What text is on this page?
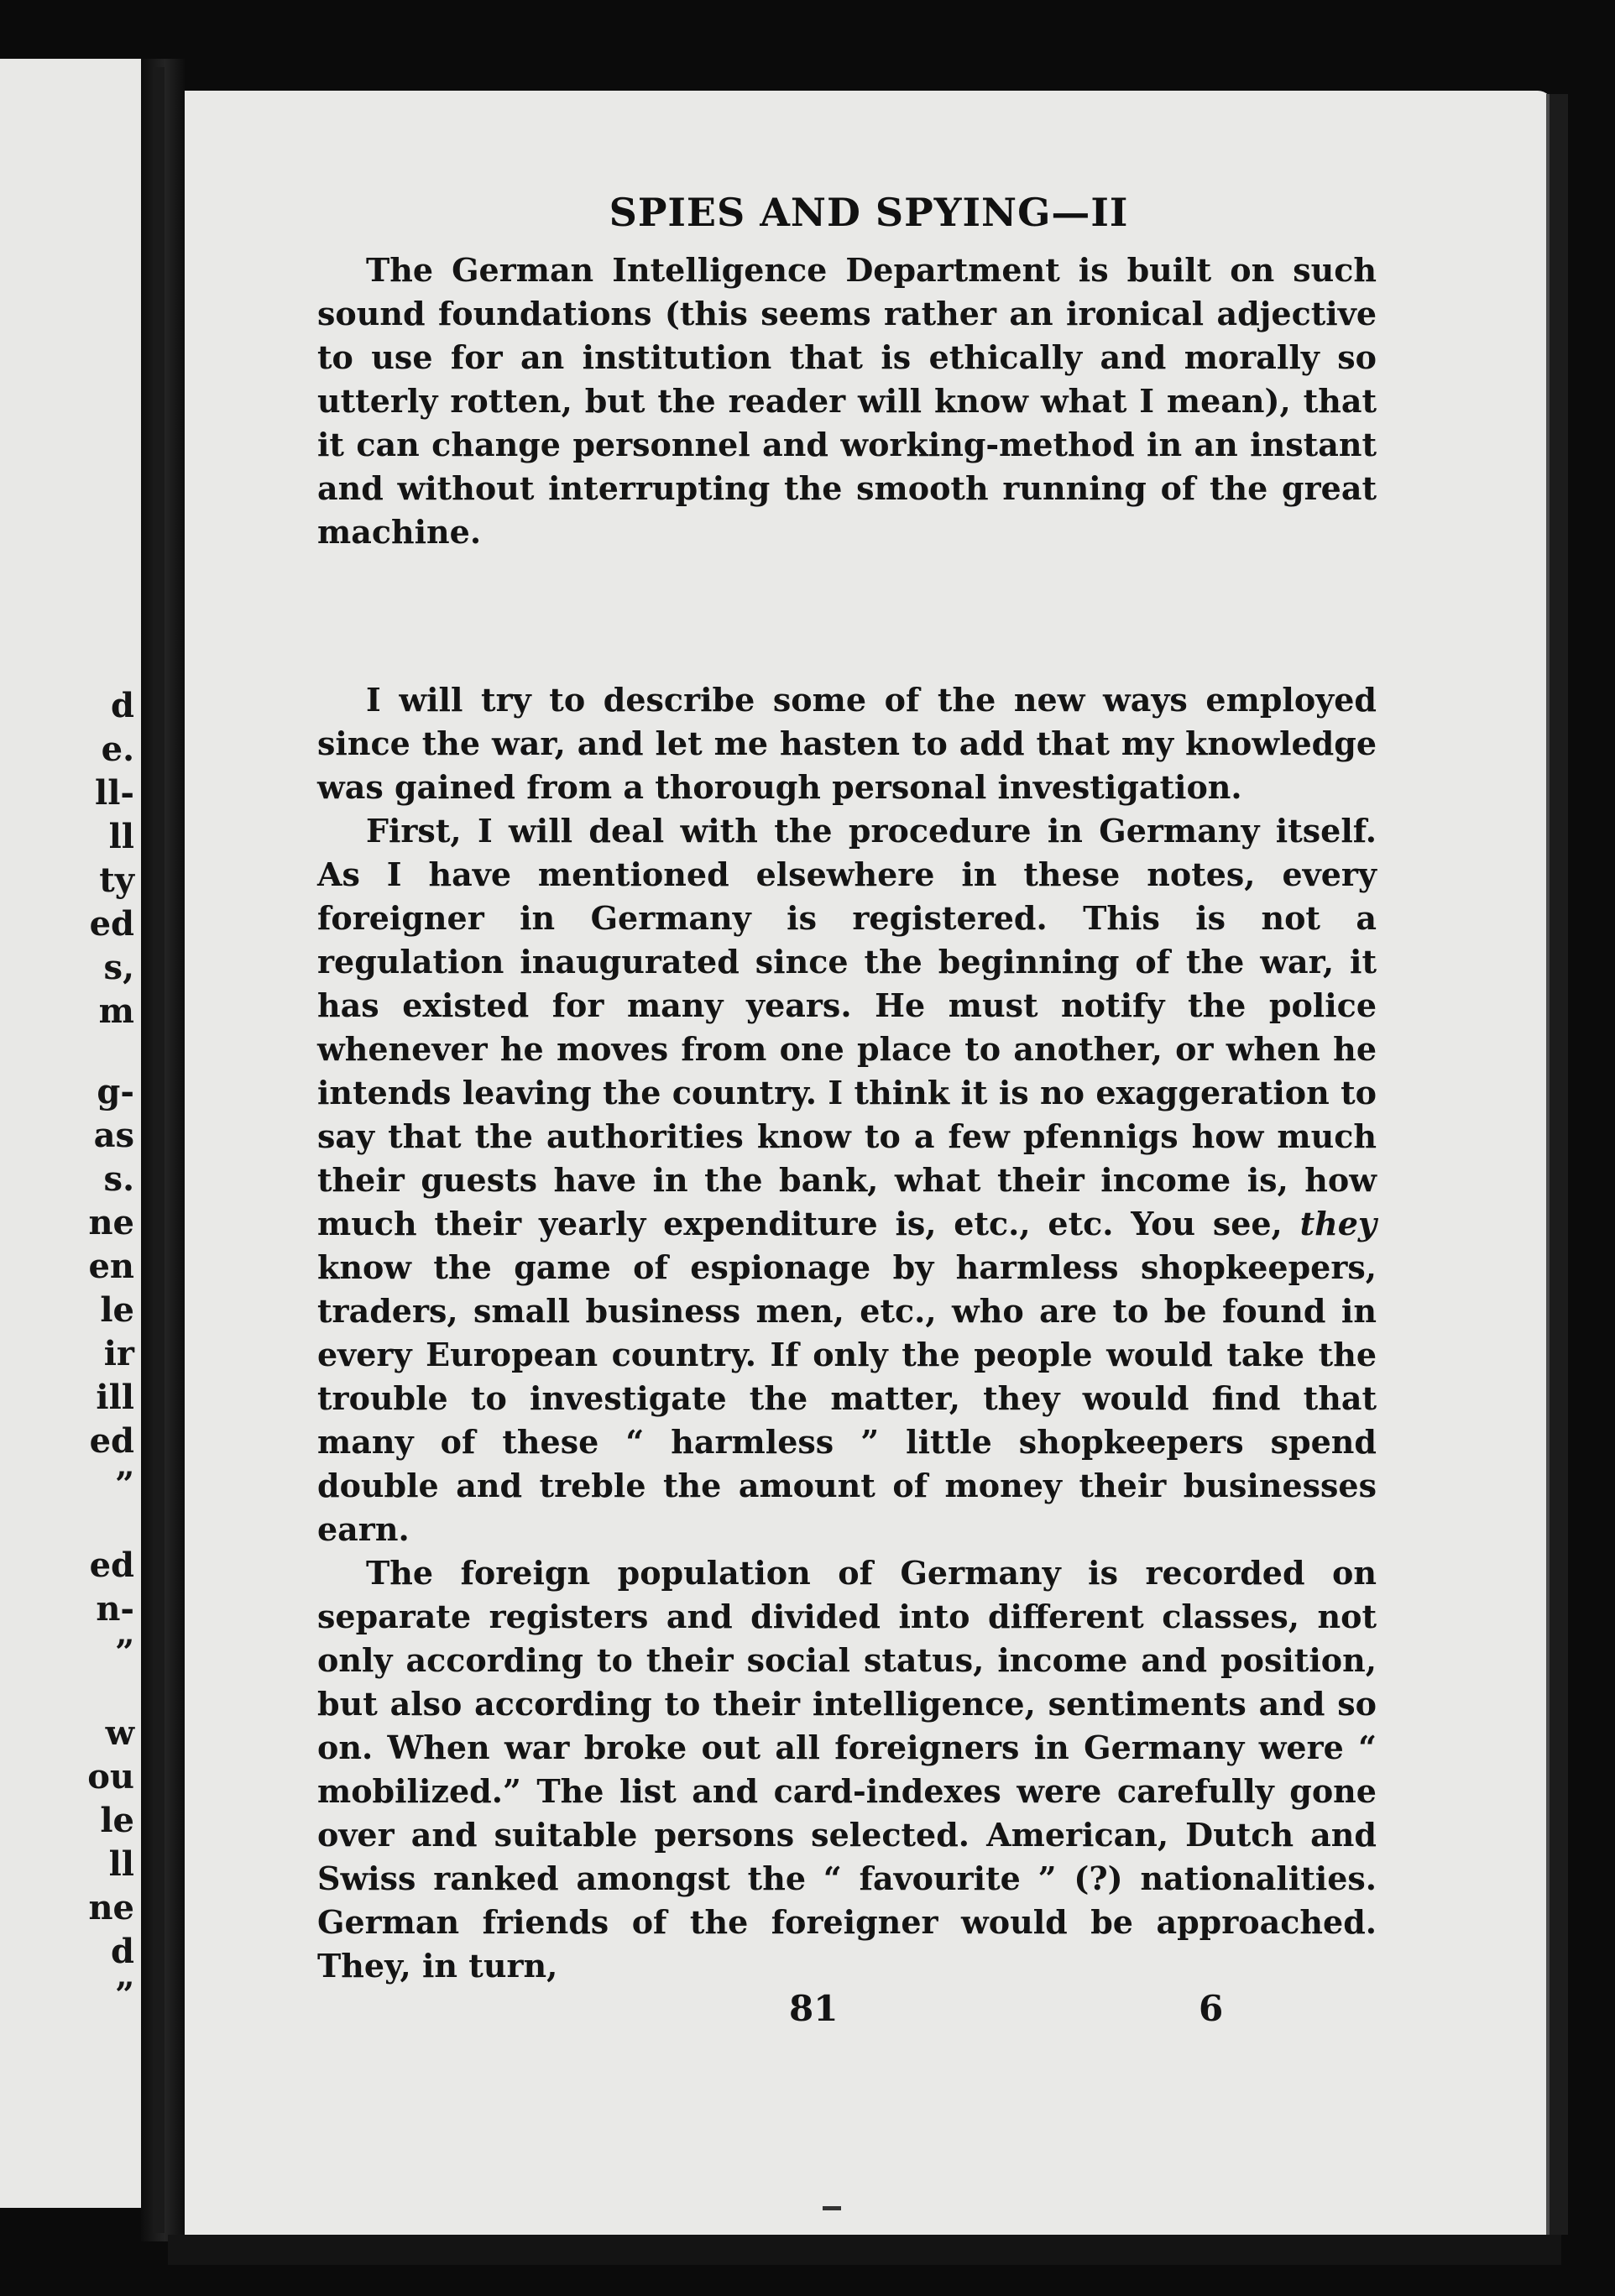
d
e.
ll-
ll
ty
ed
s,
m
g-
as
s.
ne
en
le
ir
ill
ed
”
ed
n-
”
w
ou
le
ll
ne
d
”
SPIES AND SPYING—II

The German Intelligence Department is built on such sound foundations (this seems rather an ironical adjective to use for an institution that is ethically and morally so utterly rotten, but the reader will know what I mean), that it can change personnel and working-method in an instant and without interrupting the smooth running of the great machine.

I will try to describe some of the new ways employed since the war, and let me hasten to add that my knowledge was gained from a thorough personal investigation.

First, I will deal with the procedure in Germany itself. As I have mentioned elsewhere in these notes, every foreigner in Germany is registered. This is not a regulation inaugurated since the beginning of the war, it has existed for many years. He must notify the police whenever he moves from one place to another, or when he intends leaving the country. I think it is no exaggeration to say that the authorities know to a few pfennigs how much their guests have in the bank, what their income is, how much their yearly expenditure is, etc., etc. You see, they know the game of espionage by harmless shopkeepers, traders, small business men, etc., who are to be found in every European country. If only the people would take the trouble to investigate the matter, they would find that many of these “ harmless ” little shopkeepers spend double and treble the amount of money their businesses earn.

The foreign population of Germany is recorded on separate registers and divided into different classes, not only according to their social status, income and position, but also according to their intelligence, sentiments and so on. When war broke out all foreigners in Germany were “ mobilized.” The list and card-indexes were carefully gone over and suitable persons selected. American, Dutch and Swiss ranked amongst the “ favourite ” (?) nationalities. German friends of the foreigner would be approached. They, in turn,

81	6
